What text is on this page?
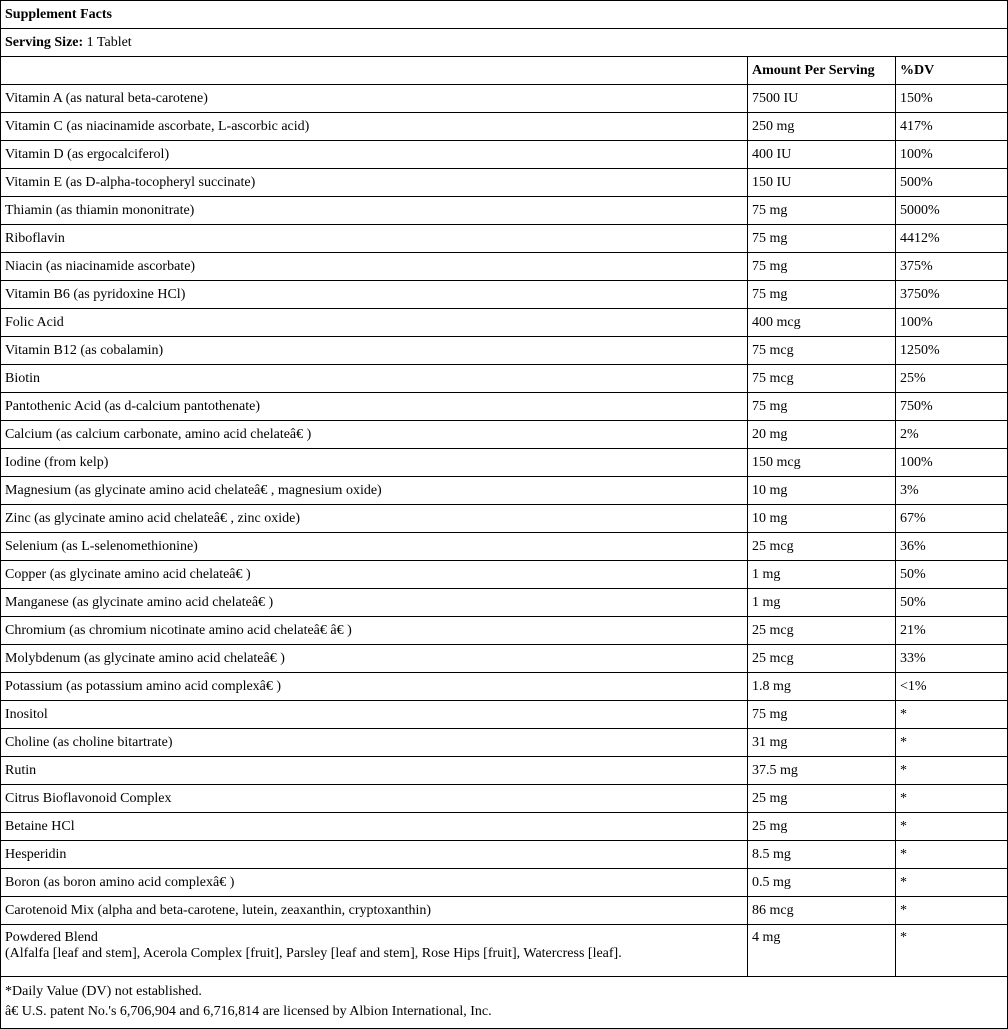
Supplement Facts		
Serving Size: 1 Tablet		
	Amount Per Serving	%DV
Vitamin A (as natural beta-carotene)	7500 IU	150%
Vitamin C (as niacinamide ascorbate, L-ascorbic acid)	250 mg	417%
Vitamin D (as ergocalciferol)	400 IU	100%
Vitamin E (as D-alpha-tocopheryl succinate)	150 IU	500%
Thiamin (as thiamin mononitrate)	75 mg	5000%
Riboflavin	75 mg	4412%
Niacin (as niacinamide ascorbate)	75 mg	375%
Vitamin B6 (as pyridoxine HCl)	75 mg	3750%
Folic Acid	400 mcg	100%
Vitamin B12 (as cobalamin)	75 mcg	1250%
Biotin	75 mcg	25%
Pantothenic Acid (as d-calcium pantothenate)	75 mg	750%
Calcium (as calcium carbonate, amino acid chelateâ€ )	20 mg	2%
Iodine (from kelp)	150 mcg	100%
Magnesium (as glycinate amino acid chelateâ€ , magnesium oxide)	10 mg	3%
Zinc (as glycinate amino acid chelateâ€ , zinc oxide)	10 mg	67%
Selenium (as L-selenomethionine)	25 mcg	36%
Copper (as glycinate amino acid chelateâ€ )	1 mg	50%
Manganese (as glycinate amino acid chelateâ€ )	1 mg	50%
Chromium (as chromium nicotinate amino acid chelateâ€ â€ )	25 mcg	21%
Molybdenum (as glycinate amino acid chelateâ€ )	25 mcg	33%
Potassium (as potassium amino acid complexâ€ )	1.8 mg	<1%
Inositol	75 mg	*
Choline (as choline bitartrate)	31 mg	*
Rutin	37.5 mg	*
Citrus Bioflavonoid Complex	25 mg	*
Betaine HCl	25 mg	*
Hesperidin	8.5 mg	*
Boron (as boron amino acid complexâ€ )	0.5 mg	*
Carotenoid Mix (alpha and beta-carotene, lutein, zeaxanthin, cryptoxanthin)	86 mcg	*

Powdered Blend
(Alfalfa [leaf and stem], Acerola Complex [fruit], Parsley [leaf and stem], Rose Hips [fruit], Watercress [leaf].	4 mg	*

*Daily Value (DV) not established.
â€ U.S. patent No.'s 6,706,904 and 6,716,814 are licensed by Albion International, Inc.		
